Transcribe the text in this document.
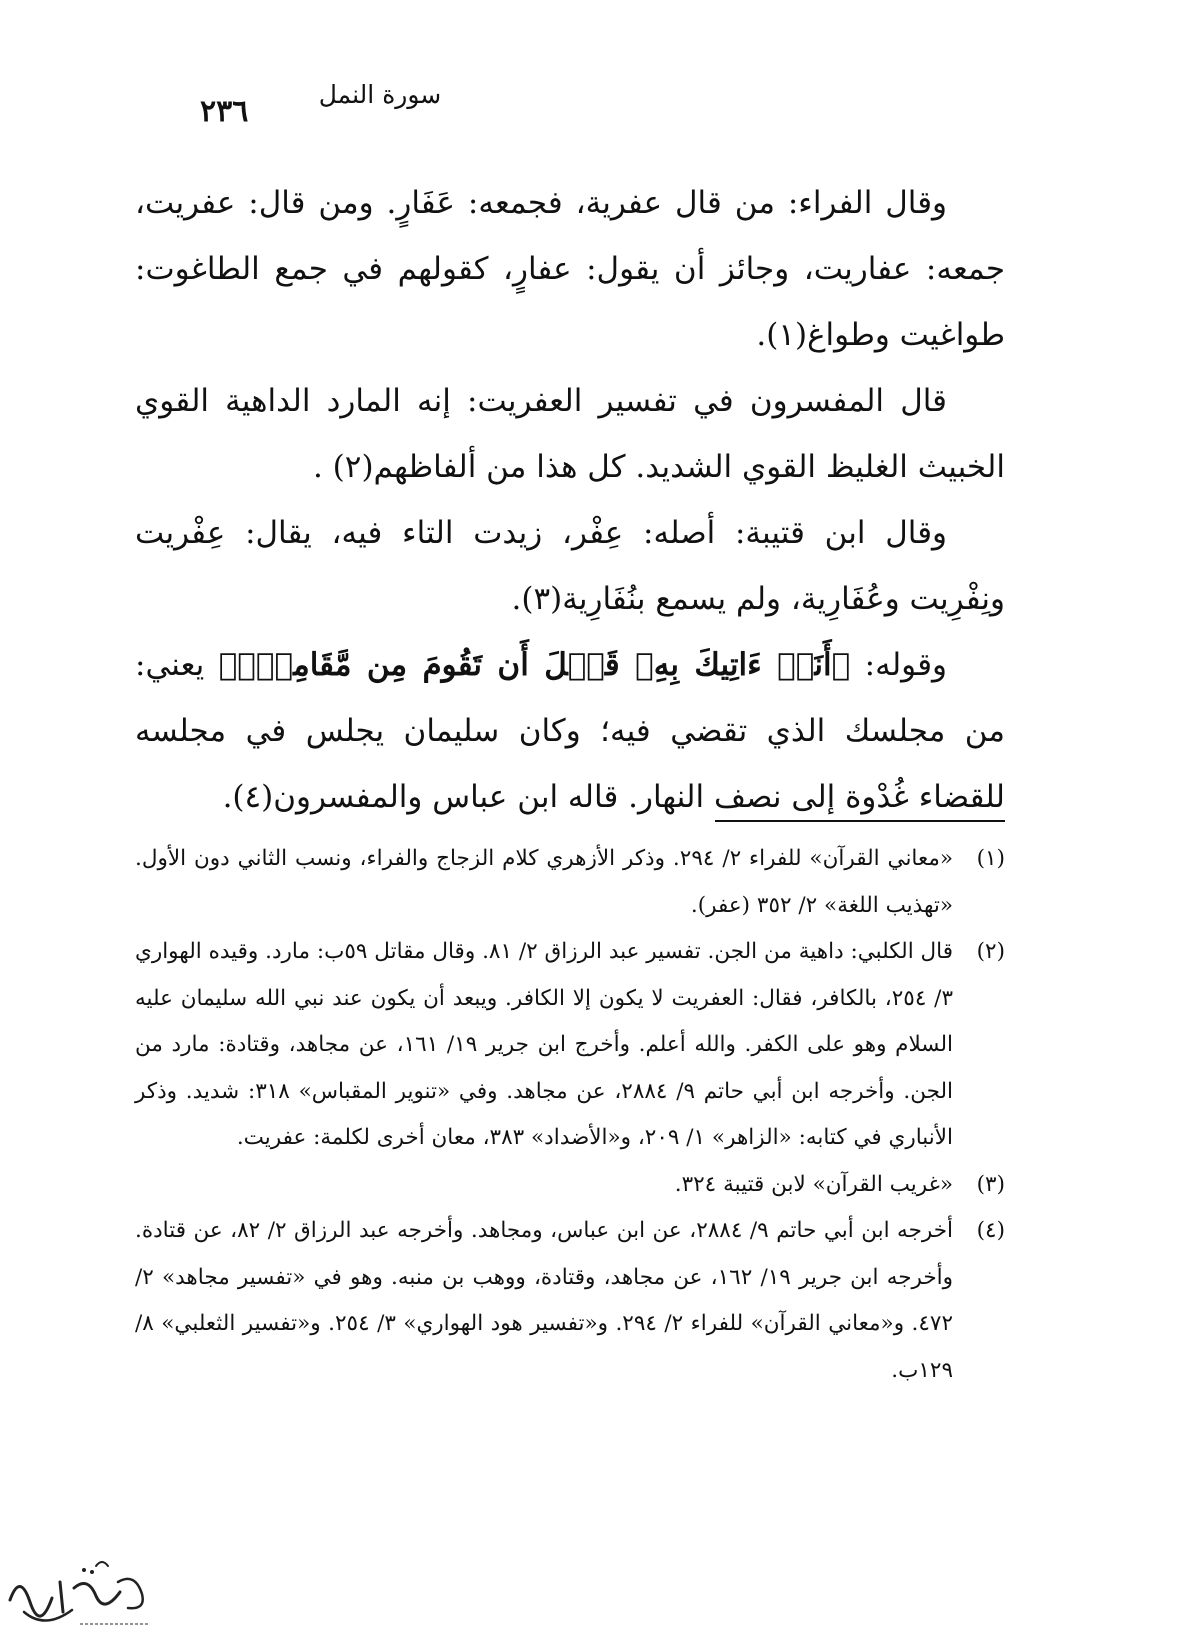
٢٣٦	سورة النمل

وقال الفراء: من قال عفرية، فجمعه: عَفَارٍ. ومن قال: عفريت، جمعه: عفاريت، وجائز أن يقول: عفارٍ، كقولهم في جمع الطاغوت: طواغيت وطواغ(١).

قال المفسرون في تفسير العفريت: إنه المارد الداهية القوي الخبيث الغليظ القوي الشديد. كل هذا من ألفاظهم(٢) .

وقال ابن قتيبة: أصله: عِفْر، زيدت التاء فيه، يقال: عِفْريت ونِفْرِيت وعُفَارِية، ولم يسمع بنُفَارِية(٣).

وقوله: ﴿أَنَا۠ ءَاتِيكَ بِهِۦ قَبۡلَ أَن تَقُومَ مِن مَّقَامِكَۖ﴾ يعني: من مجلسك الذي تقضي فيه؛ وكان سليمان يجلس في مجلسه للقضاء غُدْوة إلى نصف النهار. قاله ابن عباس والمفسرون(٤).

(١)
«معاني القرآن» للفراء ٢/ ٢٩٤. وذكر الأزهري كلام الزجاج والفراء، ونسب الثاني دون الأول. «تهذيب اللغة» ٢/ ٣٥٢ (عفر).
(٢)
قال الكلبي: داهية من الجن. تفسير عبد الرزاق ٢/ ٨١. وقال مقاتل ٥٩ب: مارد. وقيده الهواري ٣/ ٢٥٤، بالكافر، فقال: العفريت لا يكون إلا الكافر. ويبعد أن يكون عند نبي الله سليمان عليه السلام وهو على الكفر. والله أعلم. وأخرج ابن جرير ١٩/ ١٦١، عن مجاهد، وقتادة: مارد من الجن. وأخرجه ابن أبي حاتم ٩/ ٢٨٨٤، عن مجاهد. وفي «تنوير المقباس» ٣١٨: شديد. وذكر الأنباري في كتابه: «الزاهر» ١/ ٢٠٩، و«الأضداد» ٣٨٣، معان أخرى لكلمة: عفريت.
(٣)
«غريب القرآن» لابن قتيبة ٣٢٤.
(٤)
أخرجه ابن أبي حاتم ٩/ ٢٨٨٤، عن ابن عباس، ومجاهد. وأخرجه عبد الرزاق ٢/ ٨٢، عن قتادة. وأخرجه ابن جرير ١٩/ ١٦٢، عن مجاهد، وقتادة، ووهب بن منبه. وهو في «تفسير مجاهد» ٢/ ٤٧٢. و«معاني القرآن» للفراء ٢/ ٢٩٤. و«تفسير هود الهواري» ٣/ ٢٥٤. و«تفسير الثعلبي» ٨/ ١٢٩ب.
